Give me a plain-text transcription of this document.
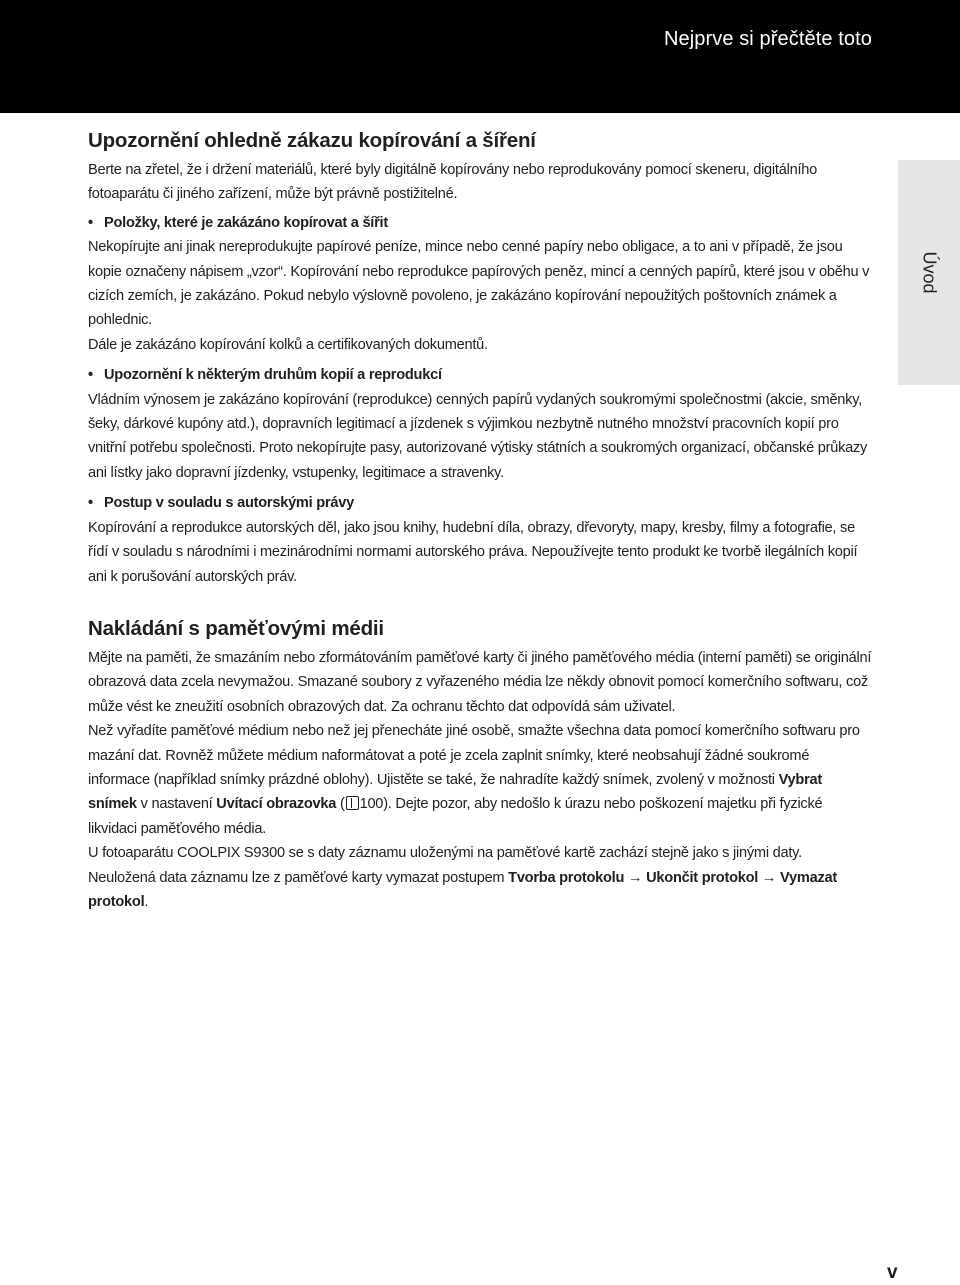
Nejprve si přečtěte toto
Úvod
Upozornění ohledně zákazu kopírování a šíření

Berte na zřetel, že i držení materiálů, které byly digitálně kopírovány nebo reprodukovány pomocí skeneru, digitálního fotoaparátu či jiného zařízení, může být právně postižitelné.

• Položky, které je zakázáno kopírovat a šířit

Nekopírujte ani jinak nereprodukujte papírové peníze, mince nebo cenné papíry nebo obligace, a to ani v případě, že jsou kopie označeny nápisem „vzor“. Kopírování nebo reprodukce papírových peněz, mincí a cenných papírů, které jsou v oběhu v cizích zemích, je zakázáno. Pokud nebylo výslovně povoleno, je zakázáno kopírování nepoužitých poštovních známek a pohlednic.

Dále je zakázáno kopírování kolků a certifikovaných dokumentů.

• Upozornění k některým druhům kopií a reprodukcí

Vládním výnosem je zakázáno kopírování (reprodukce) cenných papírů vydaných soukromými společnostmi (akcie, směnky, šeky, dárkové kupóny atd.), dopravních legitimací a jízdenek s výjimkou nezbytně nutného množství pracovních kopií pro vnitřní potřebu společnosti. Proto nekopírujte pasy, autorizované výtisky státních a soukromých organizací, občanské průkazy ani lístky jako dopravní jízdenky, vstupenky, legitimace a stravenky.

• Postup v souladu s autorskými právy

Kopírování a reprodukce autorských děl, jako jsou knihy, hudební díla, obrazy, dřevoryty, mapy, kresby, filmy a fotografie, se řídí v souladu s národními i mezinárodními normami autorského práva. Nepoužívejte tento produkt ke tvorbě ilegálních kopií ani k porušování autorských práv.

Nakládání s paměťovými médii

Mějte na paměti, že smazáním nebo zformátováním paměťové karty či jiného paměťového média (interní paměti) se originální obrazová data zcela nevymažou. Smazané soubory z vyřazeného média lze někdy obnovit pomocí komerčního softwaru, což může vést ke zneužití osobních obrazových dat. Za ochranu těchto dat odpovídá sám uživatel.

Než vyřadíte paměťové médium nebo než jej přenecháte jiné osobě, smažte všechna data pomocí komerčního softwaru pro mazání dat. Rovněž můžete médium naformátovat a poté je zcela zaplnit snímky, které neobsahují žádné soukromé informace (například snímky prázdné oblohy). Ujistěte se také, že nahradíte každý snímek, zvolený v možnosti Vybrat snímek v nastavení Uvítací obrazovka ( 100). Dejte pozor, aby nedošlo k úrazu nebo poškození majetku při fyzické likvidaci paměťového média.

U fotoaparátu COOLPIX S9300 se s daty záznamu uloženými na paměťové kartě zachází stejně jako s jinými daty. Neuložená data záznamu lze z paměťové karty vymazat postupem Tvorba protokolu → Ukončit protokol → Vymazat protokol.

v
